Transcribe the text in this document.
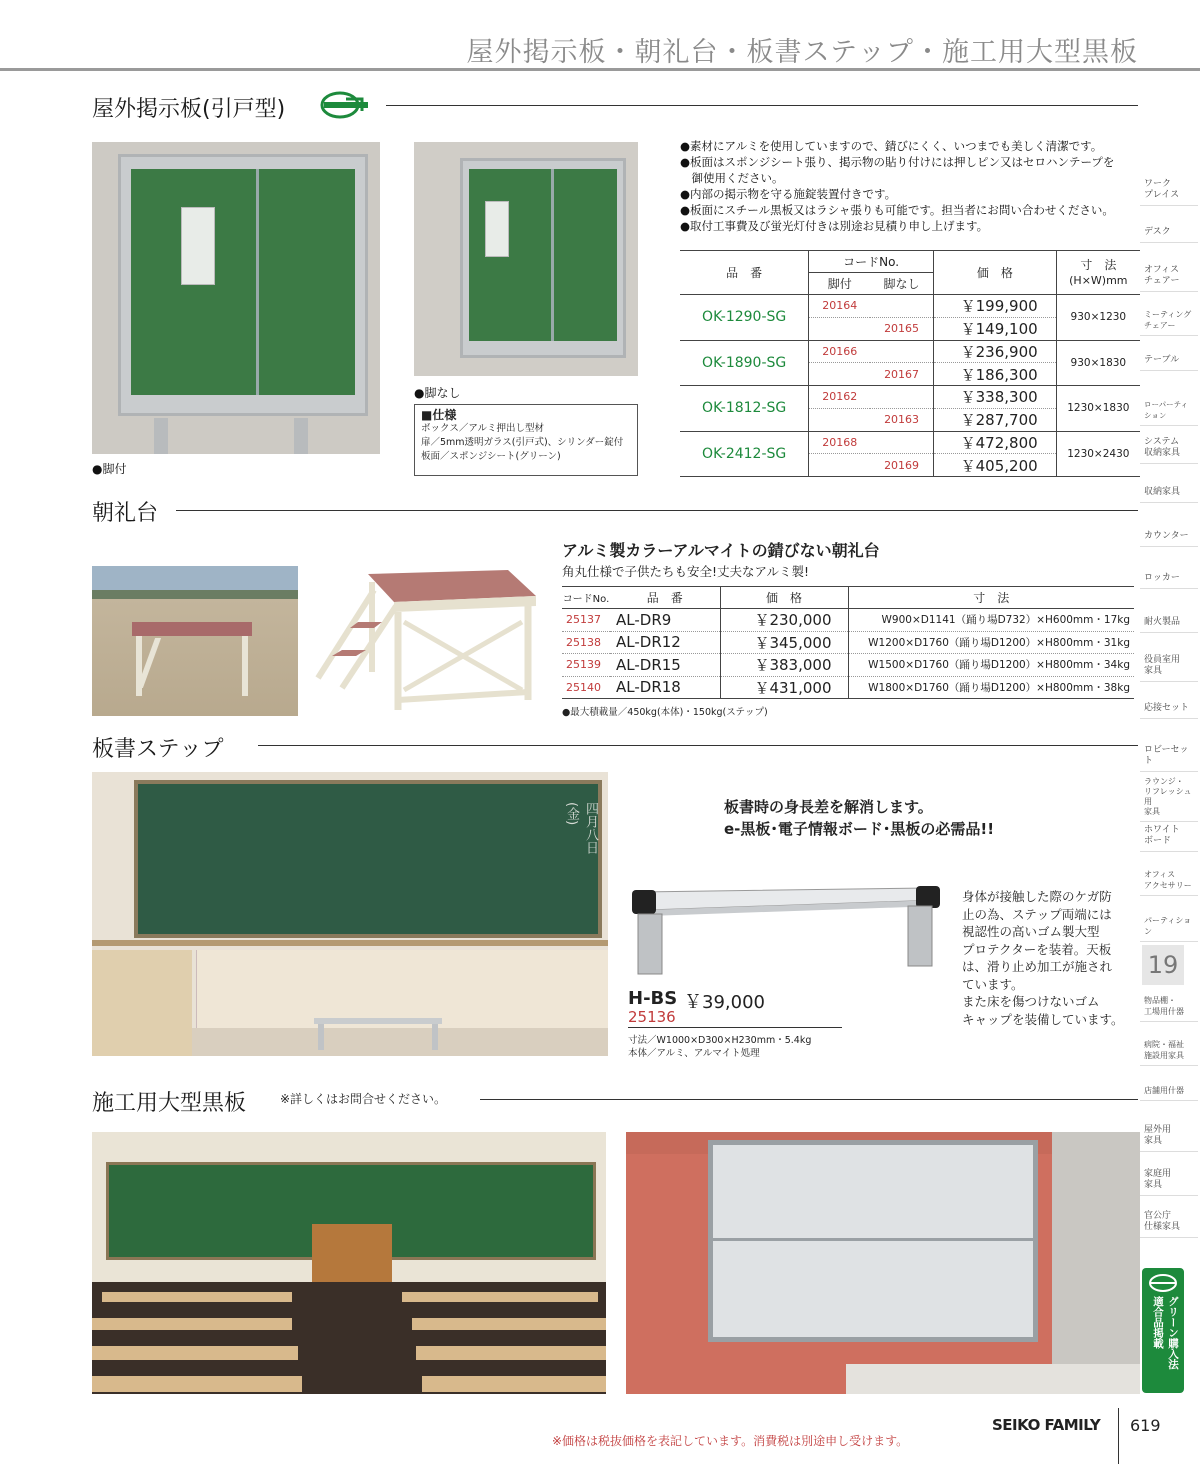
屋外掲示板・朝礼台・板書ステップ・施工用大型黒板
屋外掲示板(引戸型)
●脚付
●脚なし
■仕様
ボックス／アルミ押出し型材
扉／5mm透明ガラス(引戸式)、シリンダー錠付
板面／スポンジシート(グリーン)
●素材にアルミを使用していますので、錆びにくく、いつまでも美しく清潔です。
●板面はスポンジシート張り、掲示物の貼り付けには押しピン又はセロハンテープを
　御使用ください。
●内部の掲示物を守る施錠装置付きです。
●板面にスチール黒板又はラシャ張りも可能です。担当者にお問い合わせください。
●取付工事費及び蛍光灯付きは別途お見積り申し上げます。
品　番	コードNo.		価　格	寸　法
(H×W)mm

	脚付	脚なし		
OK-1290-SG	20164		￥199,900	930×1230
		20165	￥149,100	
OK-1890-SG	20166		￥236,900	930×1830
		20167	￥186,300	
OK-1812-SG	20162		￥338,300	1230×1830
		20163	￥287,700	
OK-2412-SG	20168		￥472,800	1230×2430
		20169	￥405,200	
朝礼台
アルミ製カラーアルマイトの錆びない朝礼台
角丸仕様で子供たちも安全!丈夫なアルミ製!
コードNo.	品　番	価　格	寸　法
25137	AL-DR9	￥230,000	W900×D1141（踊り場D732）×H600mm・17kg
25138	AL-DR12	￥345,000	W1200×D1760（踊り場D1200）×H800mm・31kg
25139	AL-DR15	￥383,000	W1500×D1760（踊り場D1200）×H800mm・34kg
25140	AL-DR18	￥431,000	W1800×D1760（踊り場D1200）×H800mm・38kg
●最大積載量／450kg(本体)・150kg(ステップ)
板書ステップ
四月八日(金)	板書時の身長差を解消します。
e-黒板･電子情報ボード･黒板の必需品!!
H-BS ￥39,000
25136
寸法／W1000×D300×H230mm・5.4kg
本体／アルミ、アルマイト処理
身体が接触した際のケガ防
止の為、ステップ両端には
視認性の高いゴム製大型
プロテクターを装着。天板
は、滑り止め加工が施され
ています。
また床を傷つけないゴム
キャップを装備しています。
施工用大型黒板	※詳しくはお問合せください。
ワーク
プレイス
デスク
オフィス
チェアー
ミーティング
チェアー
テーブル
ローパーティション
システム
収納家具
収納家具
カウンター
ロッカー
耐火製品
役員室用
家具
応接セット
ロビーセット
ラウンジ・
リフレッシュ用
家具
ホワイト
ボード
オフィス
アクセサリー
パーティション
物品棚・
工場用什器
病院・福祉
施設用家具
店舗用什器
屋外用
家具
家庭用
家具
官公庁
仕様家具
19
グリーン購入法
適合品掲載
※価格は税抜価格を表記しています。消費税は別途申し受けます。
SEIKO FAMILY 619
